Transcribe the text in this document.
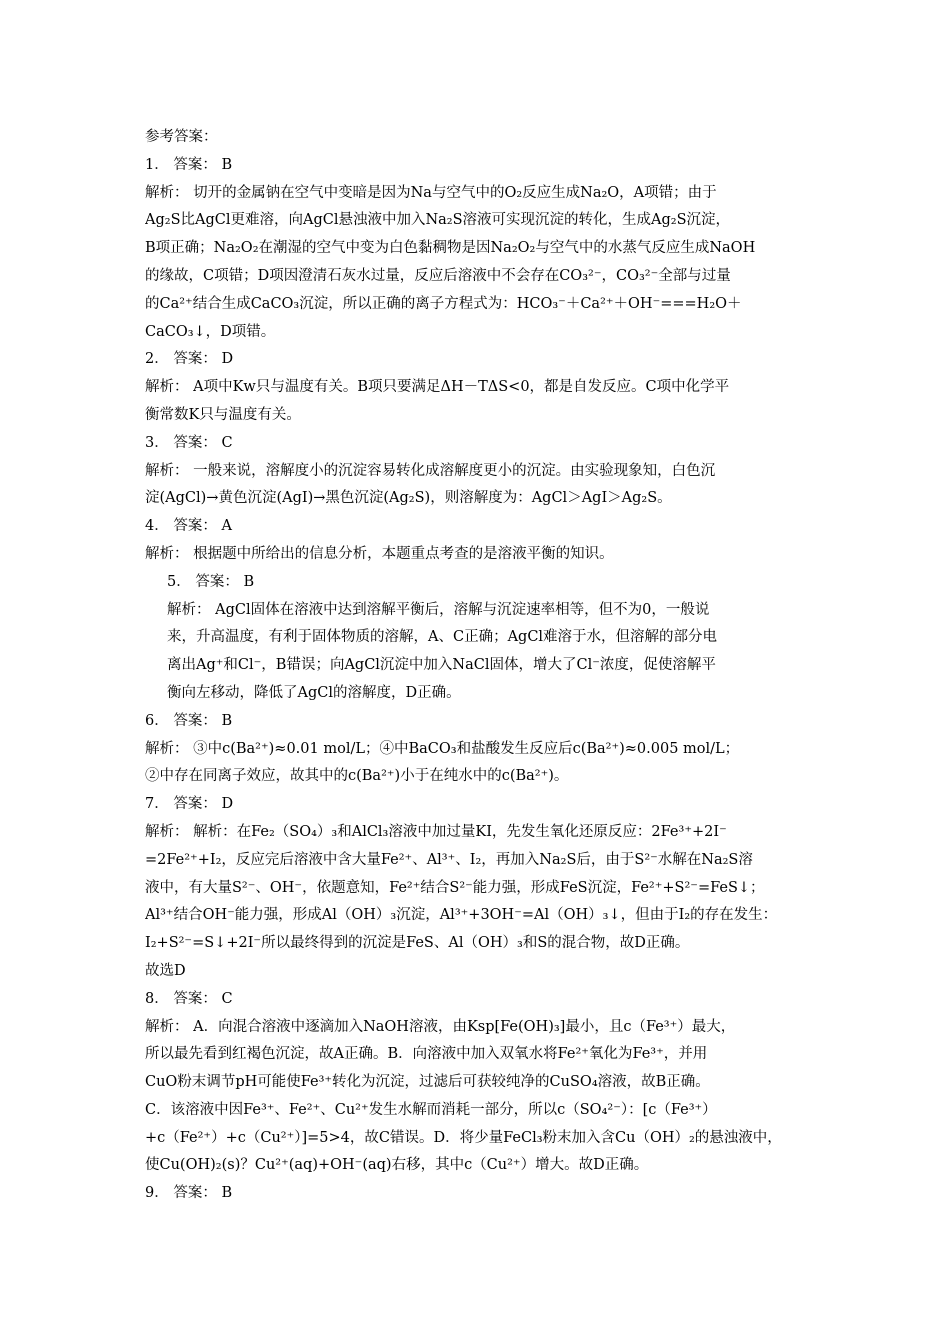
参考答案：
1． 答案： B
解析： 切开的金属钠在空气中变暗是因为Na与空气中的O₂反应生成Na₂O，A项错；由于
Ag₂S比AgCl更难溶，向AgCl悬浊液中加入Na₂S溶液可实现沉淀的转化，生成Ag₂S沉淀，
B项正确；Na₂O₂在潮湿的空气中变为白色黏稠物是因Na₂O₂与空气中的水蒸气反应生成NaOH
的缘故，C项错；D项因澄清石灰水过量，反应后溶液中不会存在CO₃²⁻，CO₃²⁻全部与过量
的Ca²⁺结合生成CaCO₃沉淀，所以正确的离子方程式为：HCO₃⁻＋Ca²⁺＋OH⁻===H₂O＋
CaCO₃↓，D项错。
2． 答案： D
解析： A项中Kw只与温度有关。B项只要满足ΔH－TΔS<0，都是自发反应。C项中化学平
衡常数K只与温度有关。
3． 答案： C
解析： 一般来说，溶解度小的沉淀容易转化成溶解度更小的沉淀。由实验现象知，白色沉
淀(AgCl)→黄色沉淀(AgI)→黑色沉淀(Ag₂S)，则溶解度为：AgCl＞AgI＞Ag₂S。
4． 答案： A
解析： 根据题中所给出的信息分析，本题重点考查的是溶液平衡的知识。
5． 答案： B
解析： AgCl固体在溶液中达到溶解平衡后，溶解与沉淀速率相等，但不为0，一般说
来，升高温度，有利于固体物质的溶解，A、C正确；AgCl难溶于水，但溶解的部分电
离出Ag⁺和Cl⁻，B错误；向AgCl沉淀中加入NaCl固体，增大了Cl⁻浓度，促使溶解平
衡向左移动，降低了AgCl的溶解度，D正确。
6． 答案： B
解析： ③中c(Ba²⁺)≈0.01 mol/L；④中BaCO₃和盐酸发生反应后c(Ba²⁺)≈0.005 mol/L；
②中存在同离子效应，故其中的c(Ba²⁺)小于在纯水中的c(Ba²⁺)。
7． 答案： D
解析： 解析：在Fe₂（SO₄）₃和AlCl₃溶液中加过量KI，先发生氧化还原反应：2Fe³⁺+2I⁻
=2Fe²⁺+I₂，反应完后溶液中含大量Fe²⁺、Al³⁺、I₂，再加入Na₂S后，由于S²⁻水解在Na₂S溶
液中，有大量S²⁻、OH⁻，依题意知，Fe²⁺结合S²⁻能力强，形成FeS沉淀，Fe²⁺+S²⁻=FeS↓；
Al³⁺结合OH⁻能力强，形成Al（OH）₃沉淀，Al³⁺+3OH⁻=Al（OH）₃↓，但由于I₂的存在发生：
I₂+S²⁻=S↓+2I⁻所以最终得到的沉淀是FeS、Al（OH）₃和S的混合物，故D正确。
故选D
8． 答案： C
解析： A．向混合溶液中逐滴加入NaOH溶液，由Ksp[Fe(OH)₃]最小，且c（Fe³⁺）最大，
所以最先看到红褐色沉淀，故A正确。B．向溶液中加入双氧水将Fe²⁺氧化为Fe³⁺，并用
CuO粉末调节pH可能使Fe³⁺转化为沉淀，过滤后可获较纯净的CuSO₄溶液，故B正确。
C．该溶液中因Fe³⁺、Fe²⁺、Cu²⁺发生水解而消耗一部分，所以c（SO₄²⁻）：[c（Fe³⁺）
+c（Fe²⁺）+c（Cu²⁺）]=5>4，故C错误。D．将少量FeCl₃粉末加入含Cu（OH）₂的悬浊液中，
使Cu(OH)₂(s)？Cu²⁺(aq)+OH⁻(aq)右移，其中c（Cu²⁺）增大。故D正确。
9． 答案： B
